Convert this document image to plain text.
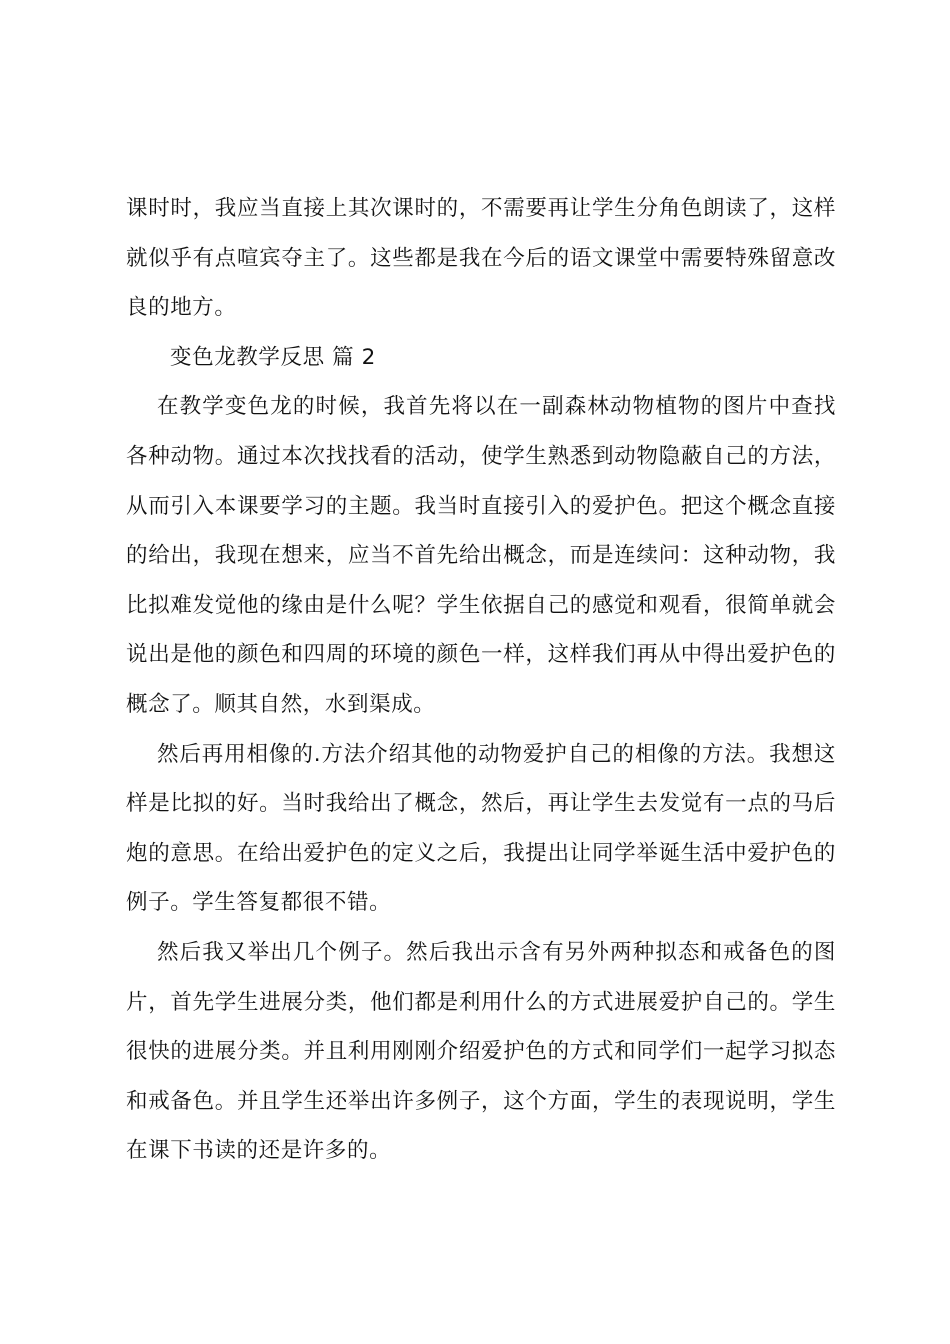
课时时，我应当直接上其次课时的，不需要再让学生分角色朗读了，这样就似乎有点喧宾夺主了。这些都是我在今后的语文课堂中需要特殊留意改良的地方。

变色龙教学反思 篇 2

在教学变色龙的时候，我首先将以在一副森林动物植物的图片中查找各种动物。通过本次找找看的活动，使学生熟悉到动物隐蔽自己的方法，从而引入本课要学习的主题。我当时直接引入的爱护色。把这个概念直接的给出，我现在想来，应当不首先给出概念，而是连续问：这种动物，我比拟难发觉他的缘由是什么呢？学生依据自己的感觉和观看，很简单就会说出是他的颜色和四周的环境的颜色一样，这样我们再从中得出爱护色的概念了。顺其自然，水到渠成。

然后再用相像的.方法介绍其他的动物爱护自己的相像的方法。我想这样是比拟的好。当时我给出了概念，然后，再让学生去发觉有一点的马后炮的意思。在给出爱护色的定义之后，我提出让同学举诞生活中爱护色的例子。学生答复都很不错。

然后我又举出几个例子。然后我出示含有另外两种拟态和戒备色的图片，首先学生进展分类，他们都是利用什么的方式进展爱护自己的。学生很快的进展分类。并且利用刚刚介绍爱护色的方式和同学们一起学习拟态和戒备色。并且学生还举出许多例子，这个方面，学生的表现说明，学生在课下书读的还是许多的。
